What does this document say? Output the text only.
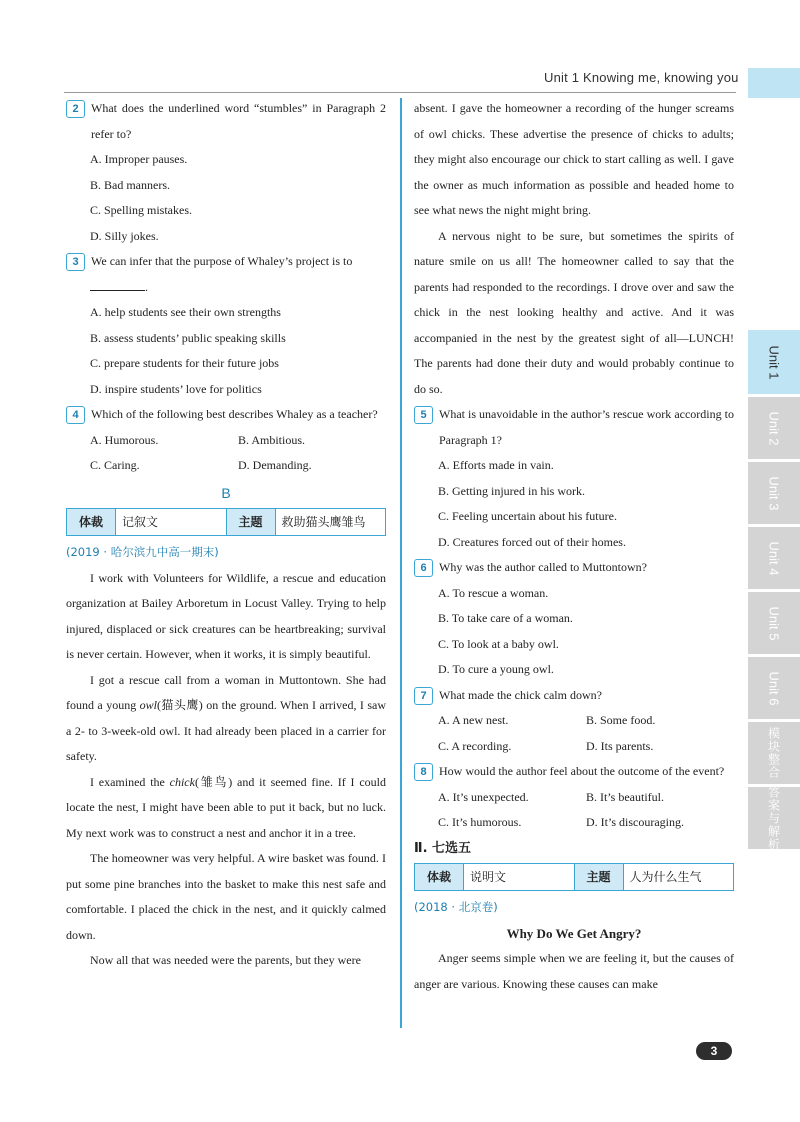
Unit 1 Knowing me, knowing you
Unit 1
Unit 2
Unit 3
Unit 4
Unit 5
Unit 6
模块整合
答案与解析
2	What does the underlined word “stumbles” in Paragraph 2 refer to?
A. Improper pauses.
B. Bad manners.
C. Spelling mistakes.
D. Silly jokes.
3	We can infer that the purpose of Whaley’s project is to
.
A. help students see their own strengths
B. assess students’ public speaking skills
C. prepare students for their future jobs
D. inspire students’ love for politics
4	Which of the following best describes Whaley as a teacher?
A. Humorous.	B. Ambitious.
C. Caring.	D. Demanding.
B
体裁	记叙文	主题	救助猫头鹰雏鸟
(2019 · 哈尔滨九中高一期末)

I work with Volunteers for Wildlife, a rescue and education organization at Bailey Arboretum in Locust Valley. Trying to help injured, displaced or sick creatures can be heartbreaking; survival is never certain. However, when it works, it is simply beautiful.

I got a rescue call from a woman in Muttontown. She had found a young owl(猫头鹰) on the ground. When I arrived, I saw a 2- to 3-week-old owl. It had already been placed in a carrier for safety.

I examined the chick(雏鸟) and it seemed fine. If I could locate the nest, I might have been able to put it back, but no luck. My next work was to construct a nest and anchor it in a tree.

The homeowner was very helpful. A wire basket was found. I put some pine branches into the basket to make this nest safe and comfortable. I placed the chick in the nest, and it quickly calmed down.

Now all that was needed were the parents, but they were

absent. I gave the homeowner a recording of the hunger screams of owl chicks. These advertise the presence of chicks to adults; they might also encourage our chick to start calling as well. I gave the owner as much information as possible and headed home to see what news the night might bring.

A nervous night to be sure, but sometimes the spirits of nature smile on us all! The homeowner called to say that the parents had responded to the recordings. I drove over and saw the chick in the nest looking healthy and active. And it was accompanied in the nest by the greatest sight of all—LUNCH! The parents had done their duty and would probably continue to do so.

5	What is unavoidable in the author’s rescue work according to Paragraph 1?
A. Efforts made in vain.
B. Getting injured in his work.
C. Feeling uncertain about his future.
D. Creatures forced out of their homes.
6	Why was the author called to Muttontown?
A. To rescue a woman.
B. To take care of a woman.
C. To look at a baby owl.
D. To cure a young owl.
7	What made the chick calm down?
A. A new nest.	B. Some food.
C. A recording.	D. Its parents.
8	How would the author feel about the outcome of the event?
A. It’s unexpected.	B. It’s beautiful.
C. It’s humorous.	D. It’s discouraging.
Ⅱ. 七选五
体裁	说明文	主题	人为什么生气
(2018 · 北京卷)
Why Do We Get Angry?

Anger seems simple when we are feeling it, but the causes of anger are various. Knowing these causes can make

3
